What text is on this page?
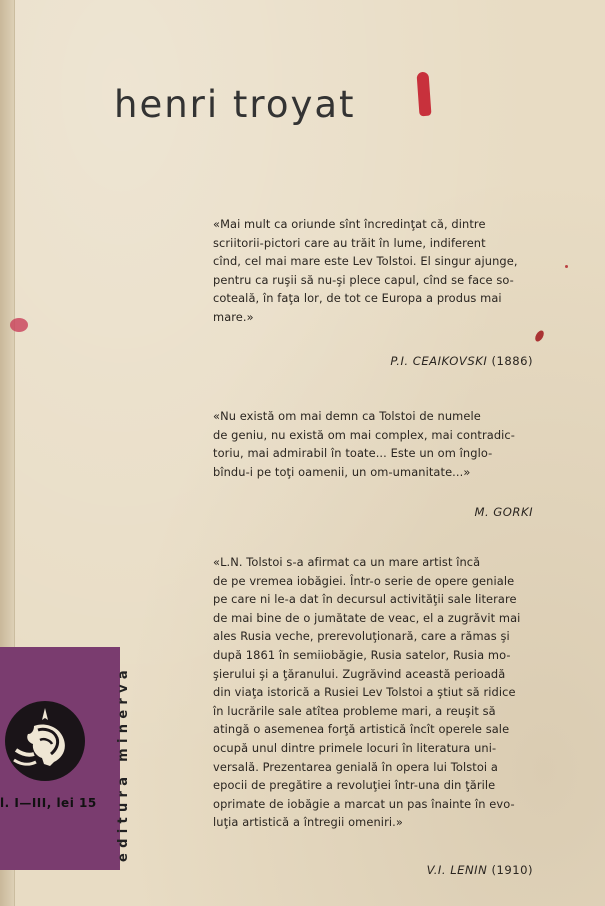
henri troyat
«Mai mult ca oriunde sînt încredinţat că, dintre
scriitorii-pictori care au trăit în lume, indiferent
cînd, cel mai mare este Lev Tolstoi. El singur ajunge,
pentru ca ruşii să nu-şi plece capul, cînd se face so-
coteală, în faţa lor, de tot ce Europa a produs mai
mare.»
P.I. CEAIKOVSKI (1886)
«Nu există om mai demn ca Tolstoi de numele
de geniu, nu există om mai complex, mai contradic-
toriu, mai admirabil în toate... Este un om înglo-
bîndu-i pe toţi oamenii, un om-umanitate...»
M. GORKI
«L.N. Tolstoi s-a afirmat ca un mare artist încă
de pe vremea iobăgiei. Într-o serie de opere geniale
pe care ni le-a dat în decursul activităţii sale literare
de mai bine de o jumătate de veac, el a zugrăvit mai
ales Rusia veche, prerevoluţionară, care a rămas şi
după 1861 în semiiobăgie, Rusia satelor, Rusia mo-
şierului şi a ţăranului. Zugrăvind această perioadă
din viaţa istorică a Rusiei Lev Tolstoi a ştiut să ridice
în lucrările sale atîtea probleme mari, a reuşit să
atingă o asemenea forţă artistică încît operele sale
ocupă unul dintre primele locuri în literatura uni-
versală. Prezentarea genială în opera lui Tolstoi a
epocii de pregătire a revoluţiei într-una din ţările
oprimate de iobăgie a marcat un pas înainte în evo-
luţia artistică a întregii omeniri.»
V.I. LENIN (1910)
l. I—III, lei 15 editura minerva
